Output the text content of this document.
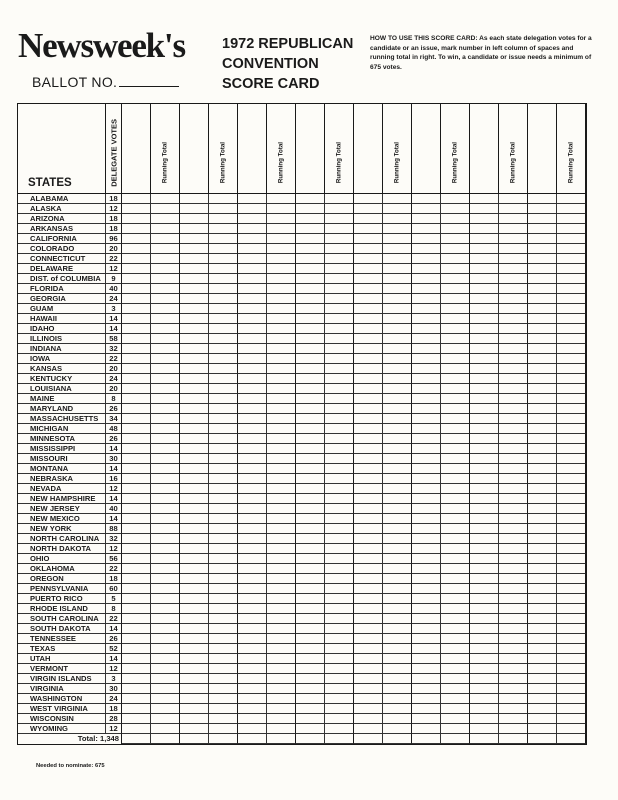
Newsweek's
BALLOT NO.
1972 REPUBLICAN
CONVENTION
SCORE CARD
HOW TO USE THIS SCORE CARD: As each state delegation votes for a candidate or an issue, mark number in left column of spaces and running total in right. To win, a candidate or issue needs a minimum of 675 votes.
STATES	DELEGATE VOTES	Running Total	Running Total	Running Total	Running Total	Running Total	Running Total	Running Total	Running Total
ALABAMA	18
ALASKA	12
ARIZONA	18
ARKANSAS	18
CALIFORNIA	96
COLORADO	20
CONNECTICUT	22
DELAWARE	12
DIST. of COLUMBIA	9
FLORIDA	40
GEORGIA	24
GUAM	3
HAWAII	14
IDAHO	14
ILLINOIS	58
INDIANA	32
IOWA	22
KANSAS	20
KENTUCKY	24
LOUISIANA	20
MAINE	8
MARYLAND	26
MASSACHUSETTS	34
MICHIGAN	48
MINNESOTA	26
MISSISSIPPI	14
MISSOURI	30
MONTANA	14
NEBRASKA	16
NEVADA	12
NEW HAMPSHIRE	14
NEW JERSEY	40
NEW MEXICO	14
NEW YORK	88
NORTH CAROLINA	32
NORTH DAKOTA	12
OHIO	56
OKLAHOMA	22
OREGON	18
PENNSYLVANIA	60
PUERTO RICO	5
RHODE ISLAND	8
SOUTH CAROLINA	22
SOUTH DAKOTA	14
TENNESSEE	26
TEXAS	52
UTAH	14
VERMONT	12
VIRGIN ISLANDS	3
VIRGINIA	30
WASHINGTON	24
WEST VIRGINIA	18
WISCONSIN	28
WYOMING	12
Total: 1,348
Needed to nominate: 675
